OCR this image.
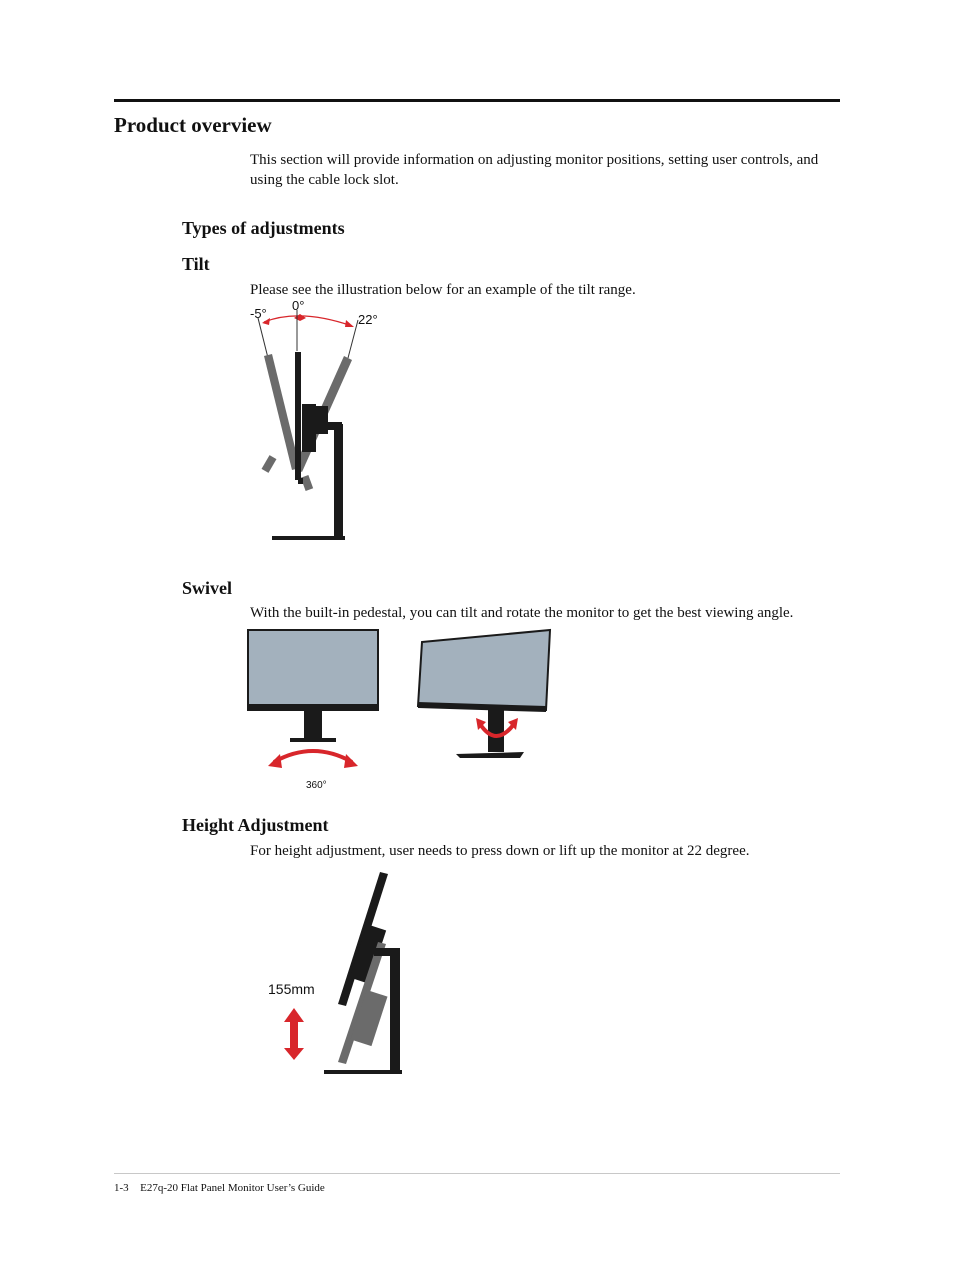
Product overview

This section will provide information on adjusting monitor positions, setting user controls, and using the cable lock slot.

Types of adjustments
Tilt

Please see the illustration below for an example of the tilt range.

-5°
0°
22°
Swivel

With the built-in pedestal, you can tilt and rotate the monitor to get the best viewing angle.

360°
Height Adjustment

For height adjustment, user needs to press down or lift up the monitor at 22 degree.

155mm
1-3 E27q-20 Flat Panel Monitor User’s Guide
